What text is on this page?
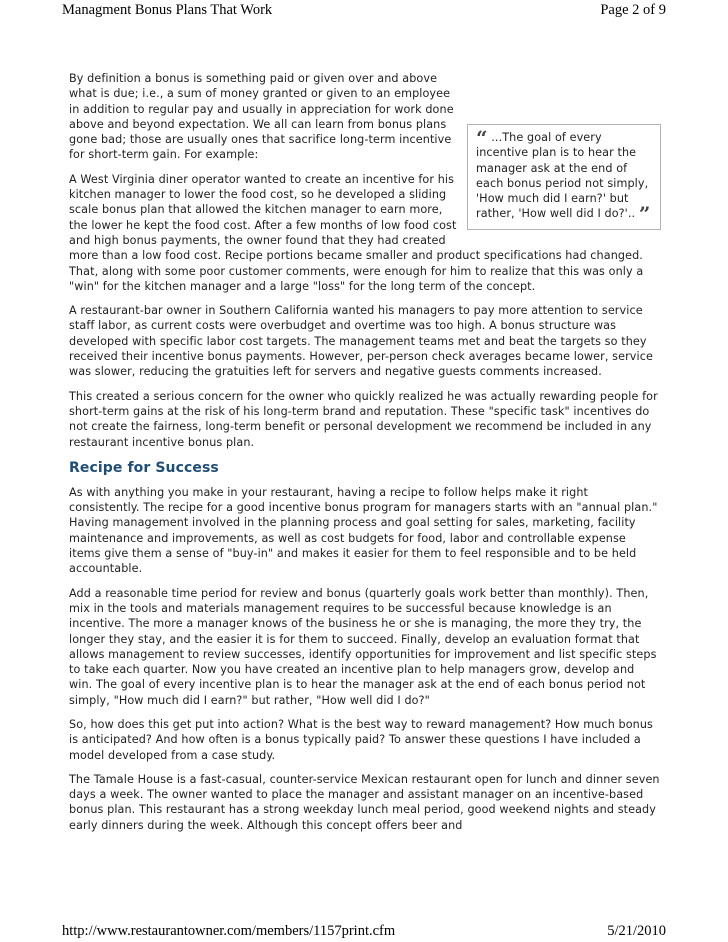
Managment Bonus Plans That Work	Page 2 of 9
“ ...The goal of every incentive plan is to hear the manager ask at the end of each bonus period not simply, 'How much did I earn?' but rather, 'How well did I do?'.. ”

By definition a bonus is something paid or given over and above what is due; i.e., a sum of money granted or given to an employee in addition to regular pay and usually in appreciation for work done above and beyond expectation. We all can learn from bonus plans gone bad; those are usually ones that sacrifice long-term incentive for short-term gain. For example:

A West Virginia diner operator wanted to create an incentive for his kitchen manager to lower the food cost, so he developed a sliding scale bonus plan that allowed the kitchen manager to earn more, the lower he kept the food cost. After a few months of low food cost and high bonus payments, the owner found that they had created more than a low food cost. Recipe portions became smaller and product specifications had changed. That, along with some poor customer comments, were enough for him to realize that this was only a "win" for the kitchen manager and a large "loss" for the long term of the concept.

A restaurant-bar owner in Southern California wanted his managers to pay more attention to service staff labor, as current costs were overbudget and overtime was too high. A bonus structure was developed with specific labor cost targets. The management teams met and beat the targets so they received their incentive bonus payments. However, per-person check averages became lower, service was slower, reducing the gratuities left for servers and negative guests comments increased.

This created a serious concern for the owner who quickly realized he was actually rewarding people for short-term gains at the risk of his long-term brand and reputation. These "specific task" incentives do not create the fairness, long-term benefit or personal development we recommend be included in any restaurant incentive bonus plan.

Recipe for Success

As with anything you make in your restaurant, having a recipe to follow helps make it right consistently. The recipe for a good incentive bonus program for managers starts with an "annual plan." Having management involved in the planning process and goal setting for sales, marketing, facility maintenance and improvements, as well as cost budgets for food, labor and controllable expense items give them a sense of "buy-in" and makes it easier for them to feel responsible and to be held accountable.

Add a reasonable time period for review and bonus (quarterly goals work better than monthly). Then, mix in the tools and materials management requires to be successful because knowledge is an incentive. The more a manager knows of the business he or she is managing, the more they try, the longer they stay, and the easier it is for them to succeed. Finally, develop an evaluation format that allows management to review successes, identify opportunities for improvement and list specific steps to take each quarter. Now you have created an incentive plan to help managers grow, develop and win. The goal of every incentive plan is to hear the manager ask at the end of each bonus period not simply, "How much did I earn?" but rather, "How well did I do?"

So, how does this get put into action? What is the best way to reward management? How much bonus is anticipated? And how often is a bonus typically paid? To answer these questions I have included a model developed from a case study.

The Tamale House is a fast-casual, counter-service Mexican restaurant open for lunch and dinner seven days a week. The owner wanted to place the manager and assistant manager on an incentive-based bonus plan. This restaurant has a strong weekday lunch meal period, good weekend nights and steady early dinners during the week. Although this concept offers beer and

http://www.restaurantowner.com/members/1157print.cfm	5/21/2010
